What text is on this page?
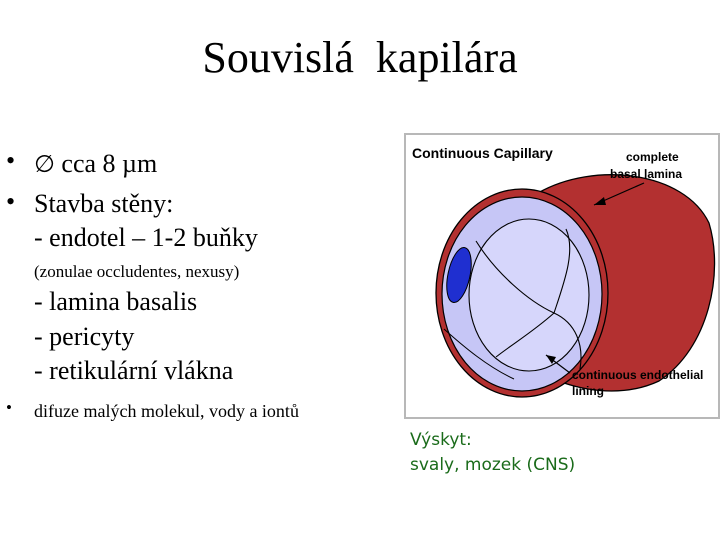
Souvislá  kapilára
• ∅ cca 8 µm
• Stavba stěny:
- endotel – 1-2 buňky
(zonulae occludentes, nexusy)
- lamina basalis
- pericyty
- retikulární vlákna
• difuze malých molekul, vody a iontů
Continuous Capillary	complete
basal lamina
continuous endothelial
lining
Výskyt:
svaly, mozek (CNS)
